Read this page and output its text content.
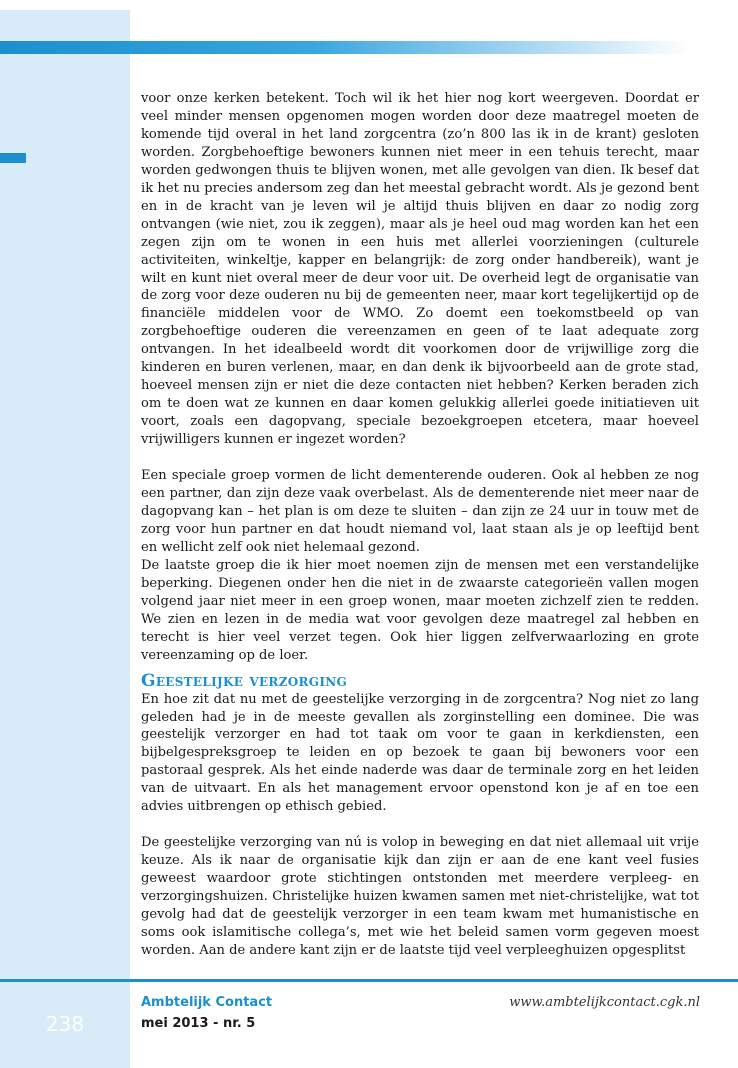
voor onze kerken betekent. Toch wil ik het hier nog kort weergeven. Doordat er veel minder mensen opgenomen mogen worden door deze maatregel moeten de komende tijd overal in het land zorgcentra (zo’n 800 las ik in de krant) gesloten worden. Zorgbehoeftige bewoners kunnen niet meer in een tehuis terecht, maar worden gedwongen thuis te blijven wonen, met alle gevolgen van dien. Ik besef dat ik het nu precies andersom zeg dan het meestal gebracht wordt. Als je gezond bent en in de kracht van je leven wil je altijd thuis blijven en daar zo nodig zorg ontvangen (wie niet, zou ik zeggen), maar als je heel oud mag worden kan het een zegen zijn om te wonen in een huis met allerlei voorzieningen (culturele activiteiten, winkeltje, kapper en belangrijk: de zorg onder handbereik), want je wilt en kunt niet overal meer de deur voor uit. De overheid legt de organisatie van de zorg voor deze ouderen nu bij de gemeenten neer, maar kort tegelijkertijd op de financiële middelen voor de WMO. Zo doemt een toekomstbeeld op van zorgbehoeftige ouderen die vereenzamen en geen of te laat adequate zorg ontvangen. In het idealbeeld wordt dit voorkomen door de vrijwillige zorg die kinderen en buren verlenen, maar, en dan denk ik bijvoorbeeld aan de grote stad, hoeveel mensen zijn er niet die deze contacten niet hebben? Kerken beraden zich om te doen wat ze kunnen en daar komen gelukkig allerlei goede initiatieven uit voort, zoals een dagopvang, speciale bezoekgroepen etcetera, maar hoeveel vrijwilligers kunnen er ingezet worden?

Een speciale groep vormen de licht dementerende ouderen. Ook al hebben ze nog een partner, dan zijn deze vaak overbelast. Als de dementerende niet meer naar de dagopvang kan – het plan is om deze te sluiten – dan zijn ze 24 uur in touw met de zorg voor hun partner en dat houdt niemand vol, laat staan als je op leeftijd bent en wellicht zelf ook niet helemaal gezond.

De laatste groep die ik hier moet noemen zijn de mensen met een verstandelijke beperking. Diegenen onder hen die niet in de zwaarste categorieën vallen mogen volgend jaar niet meer in een groep wonen, maar moeten zichzelf zien te redden. We zien en lezen in de media wat voor gevolgen deze maatregel zal hebben en terecht is hier veel verzet tegen. Ook hier liggen zelfverwaarlozing en grote vereenzaming op de loer.

Geestelijke verzorging

En hoe zit dat nu met de geestelijke verzorging in de zorgcentra? Nog niet zo lang geleden had je in de meeste gevallen als zorginstelling een dominee. Die was geestelijk verzorger en had tot taak om voor te gaan in kerkdiensten, een bijbelgespreksgroep te leiden en op bezoek te gaan bij bewoners voor een pastoraal gesprek. Als het einde naderde was daar de terminale zorg en het leiden van de uitvaart. En als het management ervoor openstond kon je af en toe een advies uitbrengen op ethisch gebied.

De geestelijke verzorging van nú is volop in beweging en dat niet allemaal uit vrije keuze. Als ik naar de organisatie kijk dan zijn er aan de ene kant veel fusies geweest waardoor grote stichtingen ontstonden met meerdere verpleeg- en verzorgingshuizen. Christelijke huizen kwamen samen met niet-christelijke, wat tot gevolg had dat de geestelijk verzorger in een team kwam met humanistische en soms ook islamitische collega’s, met wie het beleid samen vorm gegeven moest worden. Aan de andere kant zijn er de laatste tijd veel verpleeghuizen opgesplitst

238
Ambtelijk Contact
mei 2013 - nr. 5
www.ambtelijkcontact.cgk.nl
